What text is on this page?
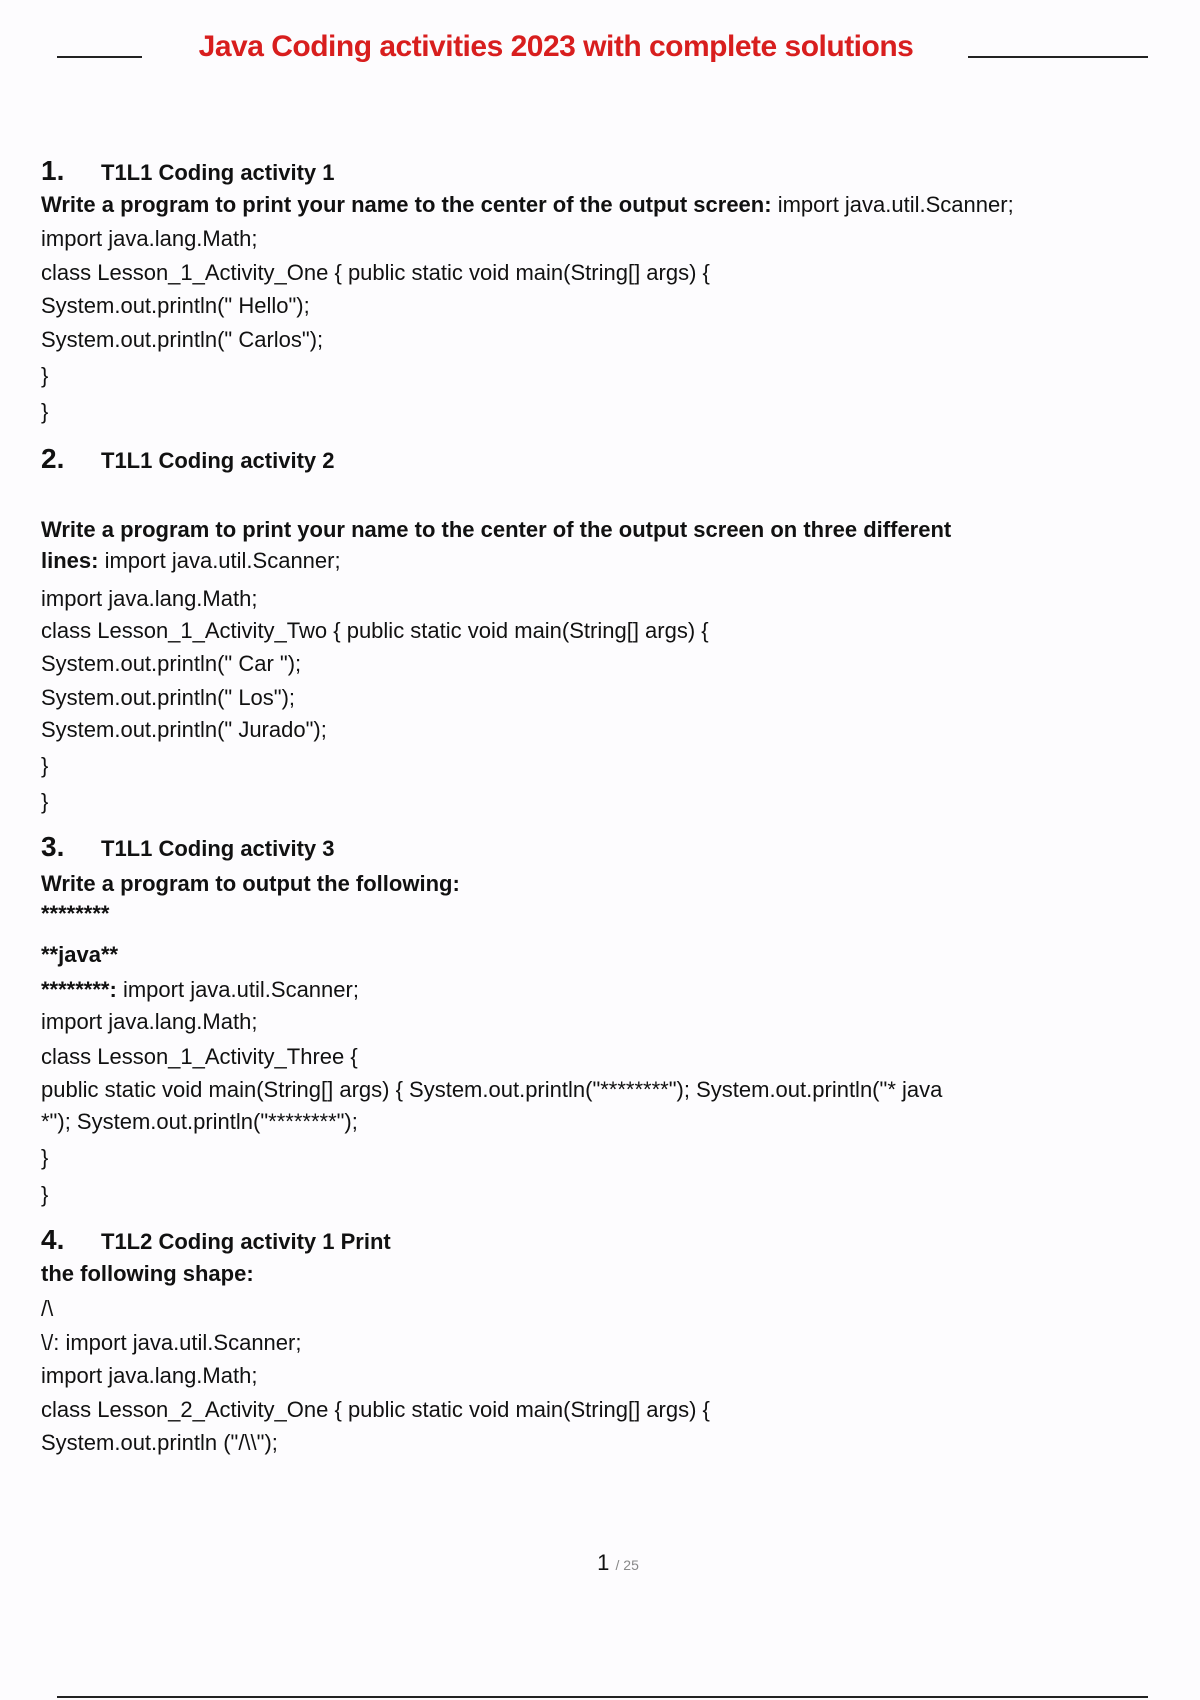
Java Coding activities 2023 with complete solutions
1. T1L1 Coding activity 1
Write a program to print your name to the center of the output screen: import java.util.Scanner;
import java.lang.Math;
class Lesson_1_Activity_One { public static void main(String[] args) {
System.out.println(" Hello");
System.out.println(" Carlos");
}
}
2. T1L1 Coding activity 2
Write a program to print your name to the center of the output screen on three different
lines: import java.util.Scanner;
import java.lang.Math;
class Lesson_1_Activity_Two { public static void main(String[] args) {
System.out.println(" Car ");
System.out.println(" Los");
System.out.println(" Jurado");
}
}
3. T1L1 Coding activity 3
Write a program to output the following:
********
**java**
********: import java.util.Scanner;
import java.lang.Math;
class Lesson_1_Activity_Three {
public static void main(String[] args) { System.out.println("********"); System.out.println("* java
*"); System.out.println("********");
}
}
4. T1L2 Coding activity 1 Print
the following shape:
/\
\/: import java.util.Scanner;
import java.lang.Math;
class Lesson_2_Activity_One { public static void main(String[] args) {
System.out.println ("/\\");
1 / 25
